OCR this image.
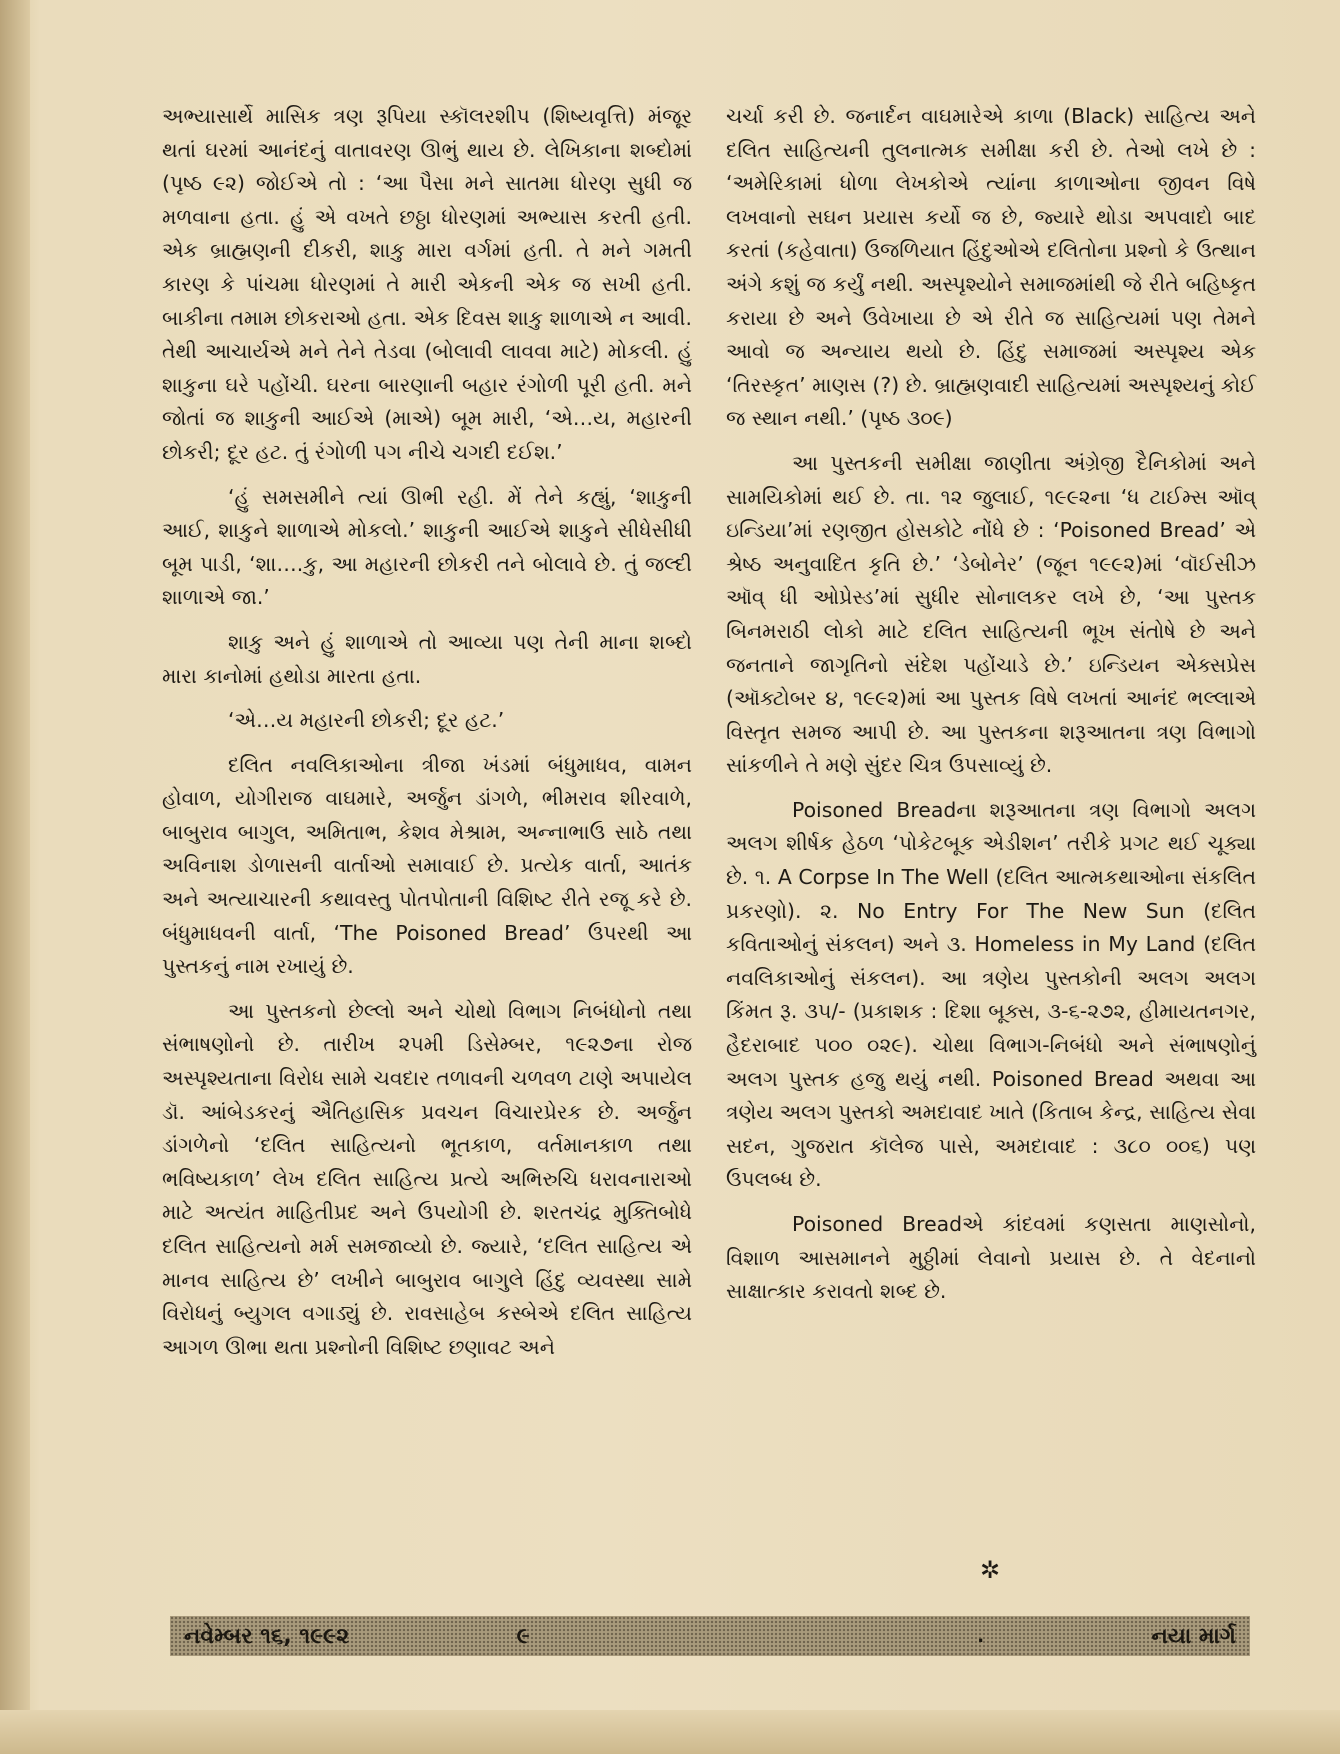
અભ્યાસાર્થે માસિક ત્રણ રૂપિયા સ્કૉલરશીપ (શિષ્યવૃત્તિ) મંજૂર થતાં ઘરમાં આનંદનું વાતાવરણ ઊભું થાય છે. લેખિકાના શબ્દોમાં (પૃષ્ઠ ૯૨) જોઈએ તો : ‘આ પૈસા મને સાતમા ધોરણ સુધી જ મળવાના હતા. હું એ વખતે છઠ્ઠા ધોરણમાં અભ્યાસ કરતી હતી. એક બ્રાહ્મણની દીકરી, શાકુ મારા વર્ગમાં હતી. તે મને ગમતી કારણ કે પાંચમા ધોરણમાં તે મારી એકની એક જ સખી હતી. બાકીના તમામ છોકરાઓ હતા. એક દિવસ શાકુ શાળાએ ન આવી. તેથી આચાર્યએ મને તેને તેડવા (બોલાવી લાવવા માટે) મોકલી. હું શાકુના ઘરે પહોંચી. ઘરના બારણાની બહાર રંગોળી પૂરી હતી. મને જોતાં જ શાકુની આઈએ (માએ) બૂમ મારી, ‘એ…ય, મહારની છોકરી; દૂર હટ. તું રંગોળી પગ નીચે ચગદી દઈશ.’

‘હું સમસમીને ત્યાં ઊભી રહી. મેં તેને કહ્યું, ‘શાકુની આઈ, શાકુને શાળાએ મોકલો.’ શાકુની આઈએ શાકુને સીધેસીધી બૂમ પાડી, ‘શા….કુ, આ મહારની છોકરી તને બોલાવે છે. તું જલ્દી શાળાએ જા.’

શાકુ અને હું શાળાએ તો આવ્યા પણ તેની માના શબ્દો મારા કાનોમાં હથોડા મારતા હતા.

‘એ…ય મહારની છોકરી; દૂર હટ.’

દલિત નવલિકાઓના ત્રીજા ખંડમાં બંધુમાધવ, વામન હોવાળ, યોગીરાજ વાઘમારે, અર્જુન ડાંગળે, ભીમરાવ શીરવાળે, બાબુરાવ બાગુલ, અમિતાભ, કેશવ મેશ્રામ, અન્નાભાઉ સાઠે તથા અવિનાશ ડોળાસની વાર્તાઓ સમાવાઈ છે. પ્રત્યેક વાર્તા, આતંક અને અત્યાચારની કથાવસ્તુ પોતપોતાની વિશિષ્ટ રીતે રજૂ કરે છે. બંધુમાધવની વાર્તા, ‘The Poisoned Bread’ ઉપરથી આ પુસ્તકનું નામ રખાયું છે.

આ પુસ્તકનો છેલ્લો અને ચોથો વિભાગ નિબંધોનો તથા સંભાષણોનો છે. તારીખ ૨૫મી ડિસેમ્બર, ૧૯૨૭ના રોજ અસ્પૃશ્યતાના વિરોધ સામે ચવદાર તળાવની ચળવળ ટાણે અપાયેલ ડૉ. આંબેડકરનું ઐતિહાસિક પ્રવચન વિચારપ્રેરક છે. અર્જુન ડાંગળેનો ‘દલિત સાહિત્યનો ભૂતકાળ, વર્તમાનકાળ તથા ભવિષ્યકાળ’ લેખ દલિત સાહિત્ય પ્રત્યે અભિરુચિ ધરાવનારાઓ માટે અત્યંત માહિતીપ્રદ અને ઉપયોગી છે. શરતચંદ્ર મુક્તિબોધે દલિત સાહિત્યનો મર્મ સમજાવ્યો છે. જ્યારે, ‘દલિત સાહિત્ય એ માનવ સાહિત્ય છે’ લખીને બાબુરાવ બાગુલે હિંદુ વ્યવસ્થા સામે વિરોધનું બ્યુગલ વગાડ્યું છે. રાવસાહેબ કસ્બેએ દલિત સાહિત્ય આગળ ઊભા થતા પ્રશ્નોની વિશિષ્ટ છણાવટ અને

ચર્ચા કરી છે. જનાર્દન વાઘમારેએ કાળા (Black) સાહિત્ય અને દલિત સાહિત્યની તુલનાત્મક સમીક્ષા કરી છે. તેઓ લખે છે : ‘અમેરિકામાં ધોળા લેખકોએ ત્યાંના કાળાઓના જીવન વિષે લખવાનો સઘન પ્રયાસ કર્યો જ છે, જ્યારે થોડા અપવાદો બાદ કરતાં (કહેવાતા) ઉજળિયાત હિંદુઓએ દલિતોના પ્રશ્નો કે ઉત્થાન અંગે કશું જ કર્યું નથી. અસ્પૃશ્યોને સમાજમાંથી જે રીતે બહિષ્કૃત કરાયા છે અને ઉવેખાયા છે એ રીતે જ સાહિત્યમાં પણ તેમને આવો જ અન્યાય થયો છે. હિંદુ સમાજમાં અસ્પૃશ્ય એક ‘તિરસ્કૃત’ માણસ (?) છે. બ્રાહ્મણવાદી સાહિત્યમાં અસ્પૃશ્યનું કોઈ જ સ્થાન નથી.’ (પૃષ્ઠ ૩૦૯)

આ પુસ્તકની સમીક્ષા જાણીતા અંગ્રેજી દૈનિકોમાં અને સામયિકોમાં થઈ છે. તા. ૧૨ જુલાઈ, ૧૯૯૨ના ‘ધ ટાઈમ્સ ઑવ્ ઇન્ડિયા’માં રણજીત હોસકોટે નોંધે છે : ‘Poisoned Bread’ એ શ્રેષ્ઠ અનુવાદિત કૃતિ છે.’ ‘ડેબોનેર’ (જૂન ૧૯૯૨)માં ‘વૉઈસીઝ ઑવ્ ધી ઓપ્રેસ્ડ’માં સુધીર સોનાલકર લખે છે, ‘આ પુસ્તક બિનમરાઠી લોકો માટે દલિત સાહિત્યની ભૂખ સંતોષે છે અને જનતાને જાગૃતિનો સંદેશ પહોંચાડે છે.’ ઇન્ડિયન એક્સપ્રેસ (ઑક્ટોબર ૪, ૧૯૯૨)માં આ પુસ્તક વિષે લખતાં આનંદ ભલ્લાએ વિસ્તૃત સમજ આપી છે. આ પુસ્તકના શરૂઆતના ત્રણ વિભાગો સાંકળીને તે મણે સુંદર ચિત્ર ઉપસાવ્યું છે.

Poisoned Breadના શરૂઆતના ત્રણ વિભાગો અલગ અલગ શીર્ષક હેઠળ ‘પોકેટબૂક એડીશન’ તરીકે પ્રગટ થઈ ચૂક્યા છે. ૧. A Corpse In The Well (દલિત આત્મકથાઓના સંકલિત પ્રકરણો). ૨. No Entry For The New Sun (દલિત કવિતાઓનું સંકલન) અને ૩. Homeless in My Land (દલિત નવલિકાઓનું સંકલન). આ ત્રણેય પુસ્તકોની અલગ અલગ કિંમત રૂ. ૩૫/- (પ્રકાશક : દિશા બૂક્સ, ૩-૬-૨૭૨, હીમાયતનગર, હૈદરાબાદ ૫૦૦ ૦૨૯). ચોથા વિભાગ-નિબંધો અને સંભાષણોનું અલગ પુસ્તક હજુ થયું નથી. Poisoned Bread અથવા આ ત્રણેય અલગ પુસ્તકો અમદાવાદ ખાતે (કિતાબ કેન્દ્ર, સાહિત્ય સેવા સદન, ગુજરાત કૉલેજ પાસે, અમદાવાદ : ૩૮૦ ૦૦૬) પણ ઉપલબ્ધ છે.

Poisoned Breadએ કાંદવમાં કણસતા માણસોનો, વિશાળ આસમાનને મુઠ્ઠીમાં લેવાનો પ્રયાસ છે. તે વેદનાનો સાક્ષાત્કાર કરાવતો શબ્દ છે.

✲
નવેમ્બર ૧૬, ૧૯૯૨	૯	.	નયા માર્ગ
